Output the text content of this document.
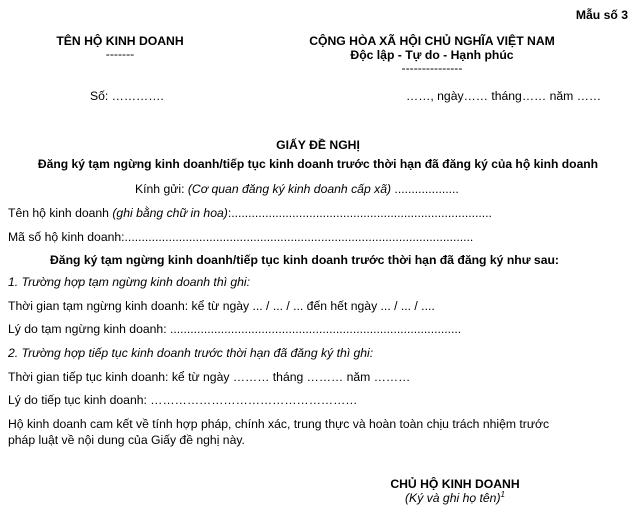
Mẫu số 3
TÊN HỘ KINH DOANH
-------
CỘNG HÒA XÃ HỘI CHỦ NGHĨA VIỆT NAM
Độc lập - Tự do - Hạnh phúc
---------------
Số: ………….	……, ngày…… tháng…… năm ……
GIẤY ĐỀ NGHỊ
Đăng ký tạm ngừng kinh doanh/tiếp tục kinh doanh trước thời hạn đã đăng ký của hộ kinh doanh
Kính gửi: (Cơ quan đăng ký kinh doanh cấp xã) ...................
Tên hộ kinh doanh (ghi bằng chữ in hoa):.............................................................................
Mã số hộ kinh doanh:.......................................................................................................
Đăng ký tạm ngừng kinh doanh/tiếp tục kinh doanh trước thời hạn đã đăng ký như sau:
1. Trường hợp tạm ngừng kinh doanh thì ghi:
Thời gian tạm ngừng kinh doanh: kể từ ngày ... / ... / ... đến hết ngày ... / ... / ....
Lý do tạm ngừng kinh doanh: ......................................................................................
2. Trường hợp tiếp tục kinh doanh trước thời hạn đã đăng ký thì ghi:
Thời gian tiếp tục kinh doanh: kể từ ngày ……… tháng ……… năm ………
Lý do tiếp tục kinh doanh: ……………………………………………
Hộ kinh doanh cam kết về tính hợp pháp, chính xác, trung thực và hoàn toàn chịu trách nhiệm trước
pháp luật về nội dung của Giấy đề nghị này.
CHỦ HỘ KINH DOANH
(Ký và ghi họ tên)$^1$
